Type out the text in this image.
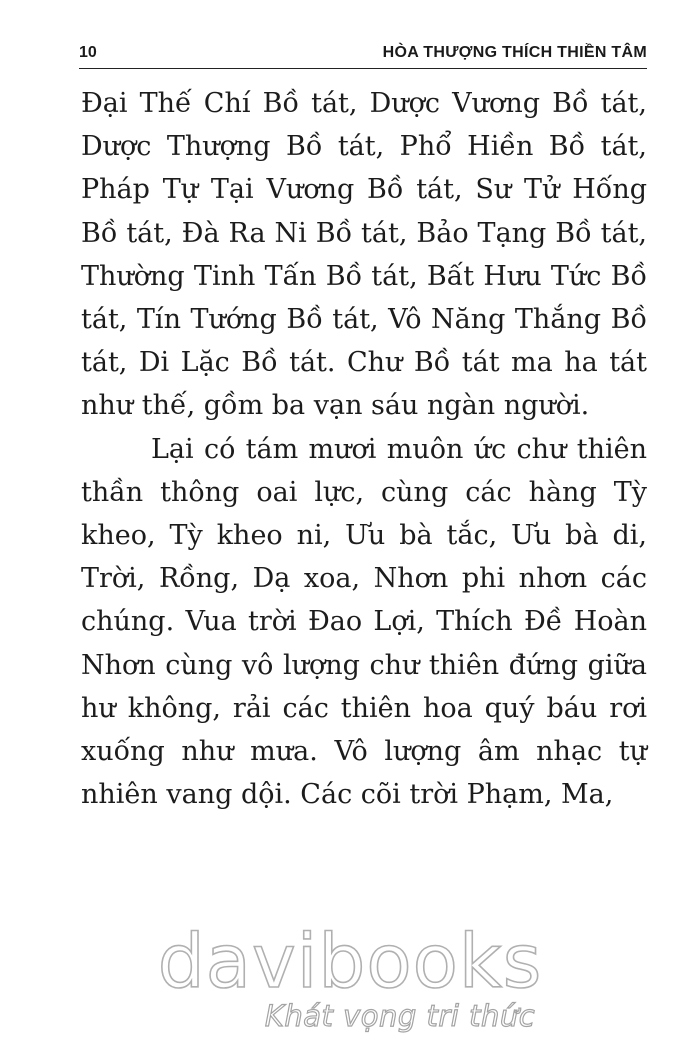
10	HÒA THƯỢNG THÍCH THIỀN TÂM

Đại Thế Chí Bồ tát, Dược Vương Bồ tát, Dược Thượng Bồ tát, Phổ Hiền Bồ tát, Pháp Tự Tại Vương Bồ tát, Sư Tử Hống Bồ tát, Đà Ra Ni Bồ tát, Bảo Tạng Bồ tát, Thường Tinh Tấn Bồ tát, Bất Hưu Tức Bồ tát, Tín Tướng Bồ tát, Vô Năng Thắng Bồ tát, Di Lặc Bồ tát. Chư Bồ tát ma ha tát như thế, gồm ba vạn sáu ngàn người.

Lại có tám mươi muôn ức chư thiên thần thông oai lực, cùng các hàng Tỳ kheo, Tỳ kheo ni, Ưu bà tắc, Ưu bà di, Trời, Rồng, Dạ xoa, Nhơn phi nhơn các chúng. Vua trời Đao Lợi, Thích Đề Hoàn Nhơn cùng vô lượng chư thiên đứng giữa hư không, rải các thiên hoa quý báu rơi xuống như mưa. Vô lượng âm nhạc tự nhiên vang dội. Các cõi trời Phạm, Ma,

davibooks
Khát vọng tri thức
